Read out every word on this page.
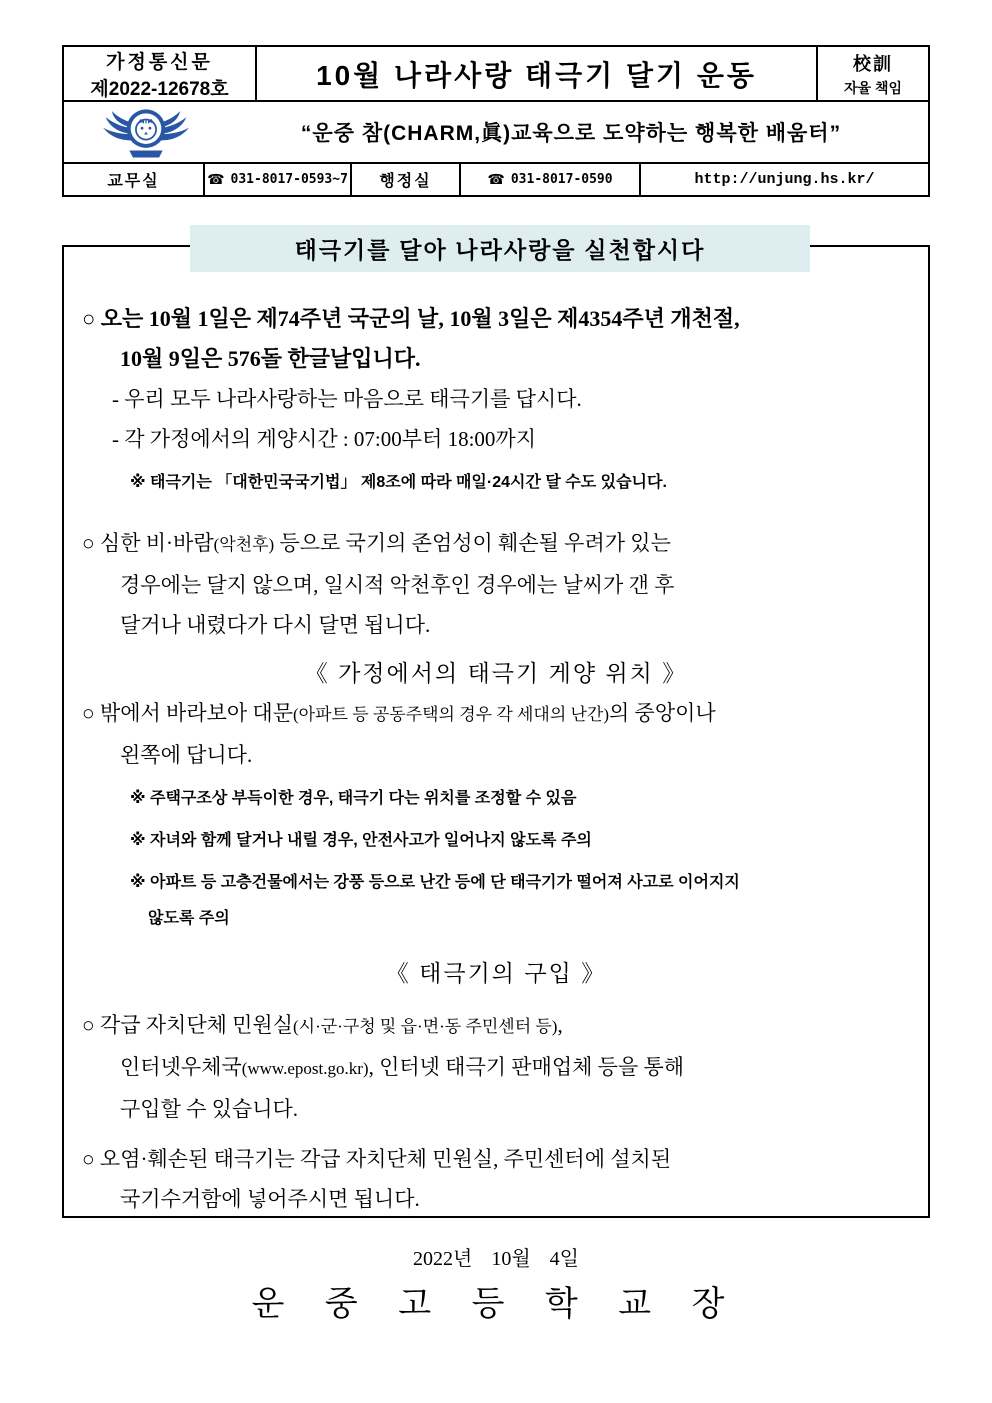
가정통신문
제2022-12678호	10월 나라사랑 태극기 달기 운동	校訓
자율 책임
“운중 참(CHARM,眞)교육으로 도약하는 행복한 배움터”
교무실	☎ 031-8017-0593~7	행정실	☎ 031-8017-0590	http://unjung.hs.kr/
태극기를 달아 나라사랑을 실천합시다
○ 오는 10월 1일은 제74주년 국군의 날, 10월 3일은 제4354주년 개천절,
10월 9일은 576돌 한글날입니다.
- 우리 모두 나라사랑하는 마음으로 태극기를 답시다.
- 각 가정에서의 게양시간 : 07:00부터 18:00까지
※ 태극기는 「대한민국국기법」 제8조에 따라 매일·24시간 달 수도 있습니다.
○ 심한 비·바람(악천후) 등으로 국기의 존엄성이 훼손될 우려가 있는
경우에는 달지 않으며, 일시적 악천후인 경우에는 날씨가 갠 후
달거나 내렸다가 다시 달면 됩니다.
《 가정에서의 태극기 게양 위치 》
○ 밖에서 바라보아 대문(아파트 등 공동주택의 경우 각 세대의 난간)의 중앙이나
왼쪽에 답니다.
※ 주택구조상 부득이한 경우, 태극기 다는 위치를 조정할 수 있음
※ 자녀와 함께 달거나 내릴 경우, 안전사고가 일어나지 않도록 주의
※ 아파트 등 고층건물에서는 강풍 등으로 난간 등에 단 태극기가 떨어져 사고로 이어지지
않도록 주의
《 태극기의 구입 》
○ 각급 자치단체 민원실(시·군·구청 및 읍·면·동 주민센터 등),
인터넷우체국(www.epost.go.kr), 인터넷 태극기 판매업체 등을 통해
구입할 수 있습니다.
○ 오염·훼손된 태극기는 각급 자치단체 민원실, 주민센터에 설치된
국기수거함에 넣어주시면 됩니다.
2022년 10월 4일
운 중 고 등 학 교 장
